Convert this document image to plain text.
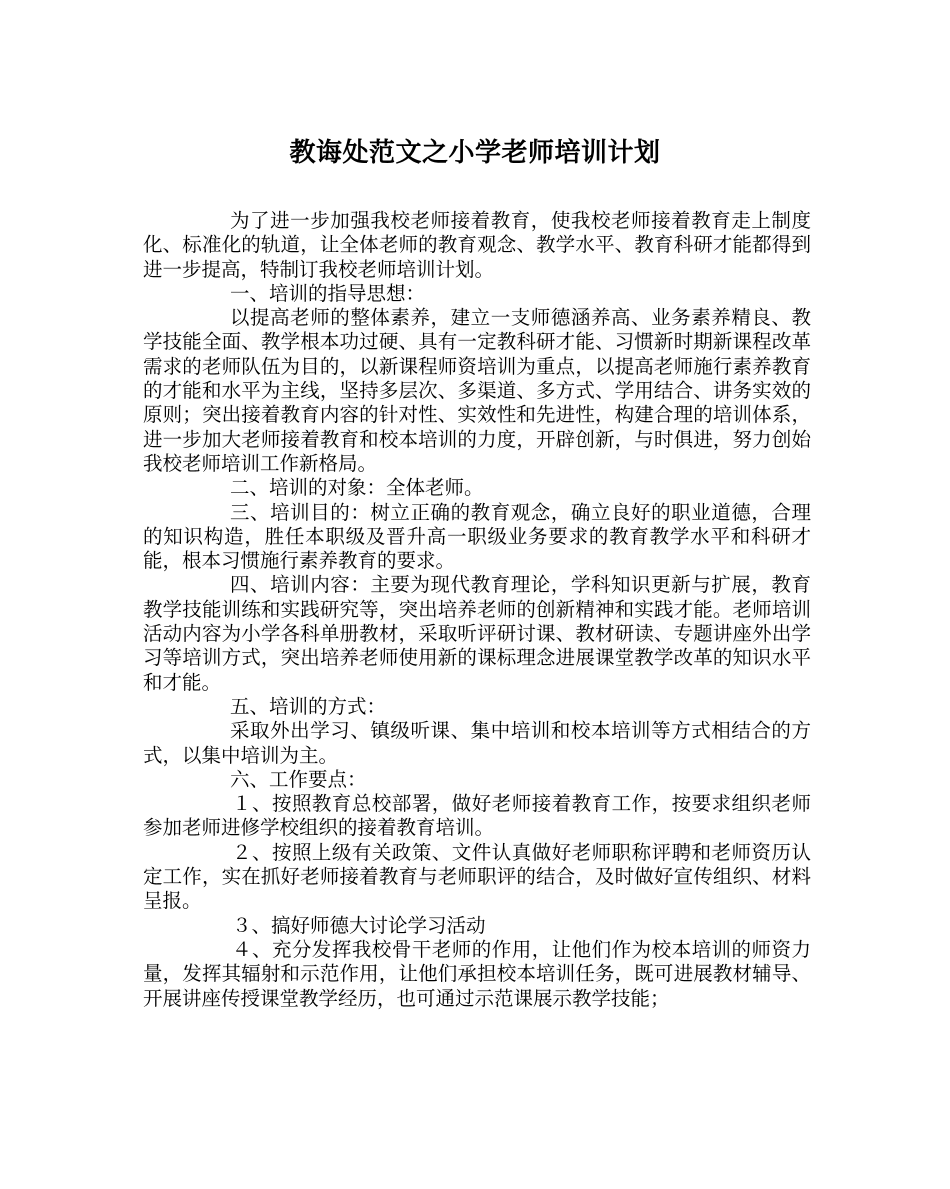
教诲处范文之小学老师培训计划

为了进一步加强我校老师接着教育，使我校老师接着教育走上制度化、标准化的轨道，让全体老师的教育观念、教学水平、教育科研才能都得到进一步提高，特制订我校老师培训计划。

一、培训的指导思想：

以提高老师的整体素养，建立一支师德涵养高、业务素养精良、教学技能全面、教学根本功过硬、具有一定教科研才能、习惯新时期新课程改革需求的老师队伍为目的，以新课程师资培训为重点，以提高老师施行素养教育的才能和水平为主线，坚持多层次、多渠道、多方式、学用结合、讲务实效的原则；突出接着教育内容的针对性、实效性和先进性，构建合理的培训体系，进一步加大老师接着教育和校本培训的力度，开辟创新，与时俱进，努力创始我校老师培训工作新格局。

二、培训的对象：全体老师。

三、培训目的：树立正确的教育观念，确立良好的职业道德，合理的知识构造，胜任本职级及晋升高一职级业务要求的教育教学水平和科研才能，根本习惯施行素养教育的要求。

四、培训内容：主要为现代教育理论，学科知识更新与扩展，教育教学技能训练和实践研究等，突出培养老师的创新精神和实践才能。老师培训活动内容为小学各科单册教材，采取听评研讨课、教材研读、专题讲座外出学习等培训方式，突出培养老师使用新的课标理念进展课堂教学改革的知识水平和才能。

五、培训的方式：

采取外出学习、镇级听课、集中培训和校本培训等方式相结合的方式，以集中培训为主。

六、工作要点：

１、按照教育总校部署，做好老师接着教育工作，按要求组织老师参加老师进修学校组织的接着教育培训。

２、按照上级有关政策、文件认真做好老师职称评聘和老师资历认定工作，实在抓好老师接着教育与老师职评的结合，及时做好宣传组织、材料呈报。

３、搞好师德大讨论学习活动

４、充分发挥我校骨干老师的作用，让他们作为校本培训的师资力量，发挥其辐射和示范作用，让他们承担校本培训任务，既可进展教材辅导、开展讲座传授课堂教学经历，也可通过示范课展示教学技能；
